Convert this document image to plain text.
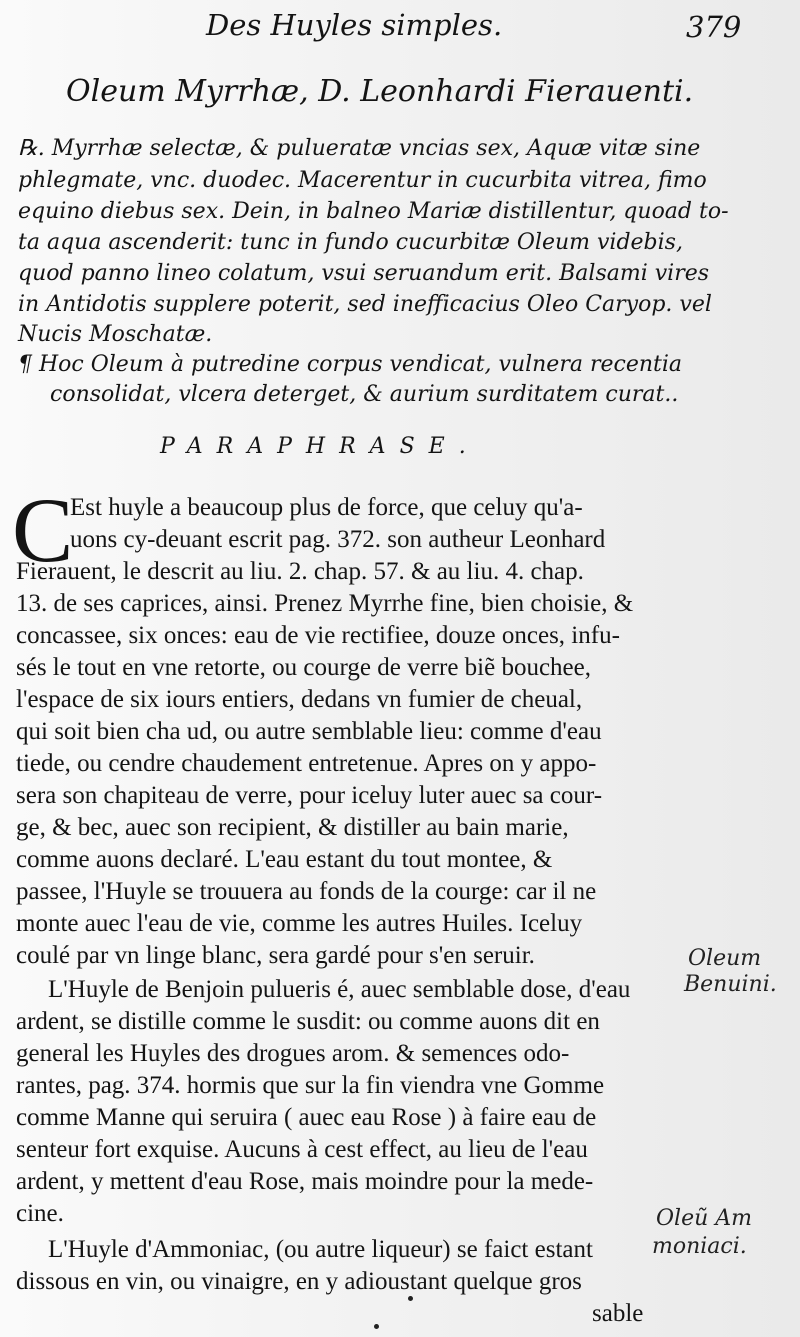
Des Huyles simples.	379
Oleum Myrrhæ, D. Leonhardi Fierauenti.
℞. Myrrhæ selectæ, & pulueratæ vncias sex, Aquæ vitæ sine
phlegmate, vnc. duodec. Macerentur in cucurbita vitrea, fimo
equino diebus sex. Dein, in balneo Mariæ distillentur, quoad to-
ta aqua ascenderit: tunc in fundo cucurbitæ Oleum videbis,
quod panno lineo colatum, vsui seruandum erit. Balsami vires
in Antidotis supplere poterit, sed inefficacius Oleo Caryop. vel
Nucis Moschatæ.
¶ Hoc Oleum à putredine corpus vendicat, vulnera recentia
consolidat, vlcera deterget, & aurium surditatem curat..
PARAPHRASE.
C
Est huyle a beaucoup plus de force, que celuy qu'a-
uons cy-deuant escrit pag. 372. son autheur Leonhard
Fierauent, le descrit au liu. 2. chap. 57. & au liu. 4. chap.
13. de ses caprices, ainsi. Prenez Myrrhe fine, bien choisie, &
concassee, six onces: eau de vie rectifiee, douze onces, infu-
sés le tout en vne retorte, ou courge de verre biẽ bouchee,
l'espace de six iours entiers, dedans vn fumier de cheual,
qui soit bien cha ud, ou autre semblable lieu: comme d'eau
tiede, ou cendre chaudement entretenue. Apres on y appo-
sera son chapiteau de verre, pour iceluy luter auec sa cour-
ge, & bec, auec son recipient, & distiller au bain marie,
comme auons declaré. L'eau estant du tout montee, &
passee, l'Huyle se trouuera au fonds de la courge: car il ne
monte auec l'eau de vie, comme les autres Huiles. Iceluy
coulé par vn linge blanc, sera gardé pour s'en seruir.
L'Huyle de Benjoin pulueris é, auec semblable dose, d'eau
ardent, se distille comme le susdit: ou comme auons dit en
general les Huyles des drogues arom. & semences odo-
rantes, pag. 374. hormis que sur la fin viendra vne Gomme
comme Manne qui seruira ( auec eau Rose ) à faire eau de
senteur fort exquise. Aucuns à cest effect, au lieu de l'eau
ardent, y mettent d'eau Rose, mais moindre pour la mede-
cine.
L'Huyle d'Ammoniac, (ou autre liqueur) se faict estant
dissous en vin, ou vinaigre, en y adioustant quelque gros
sable
Oleum
Benuini.
Oleũ Am
moniaci.
